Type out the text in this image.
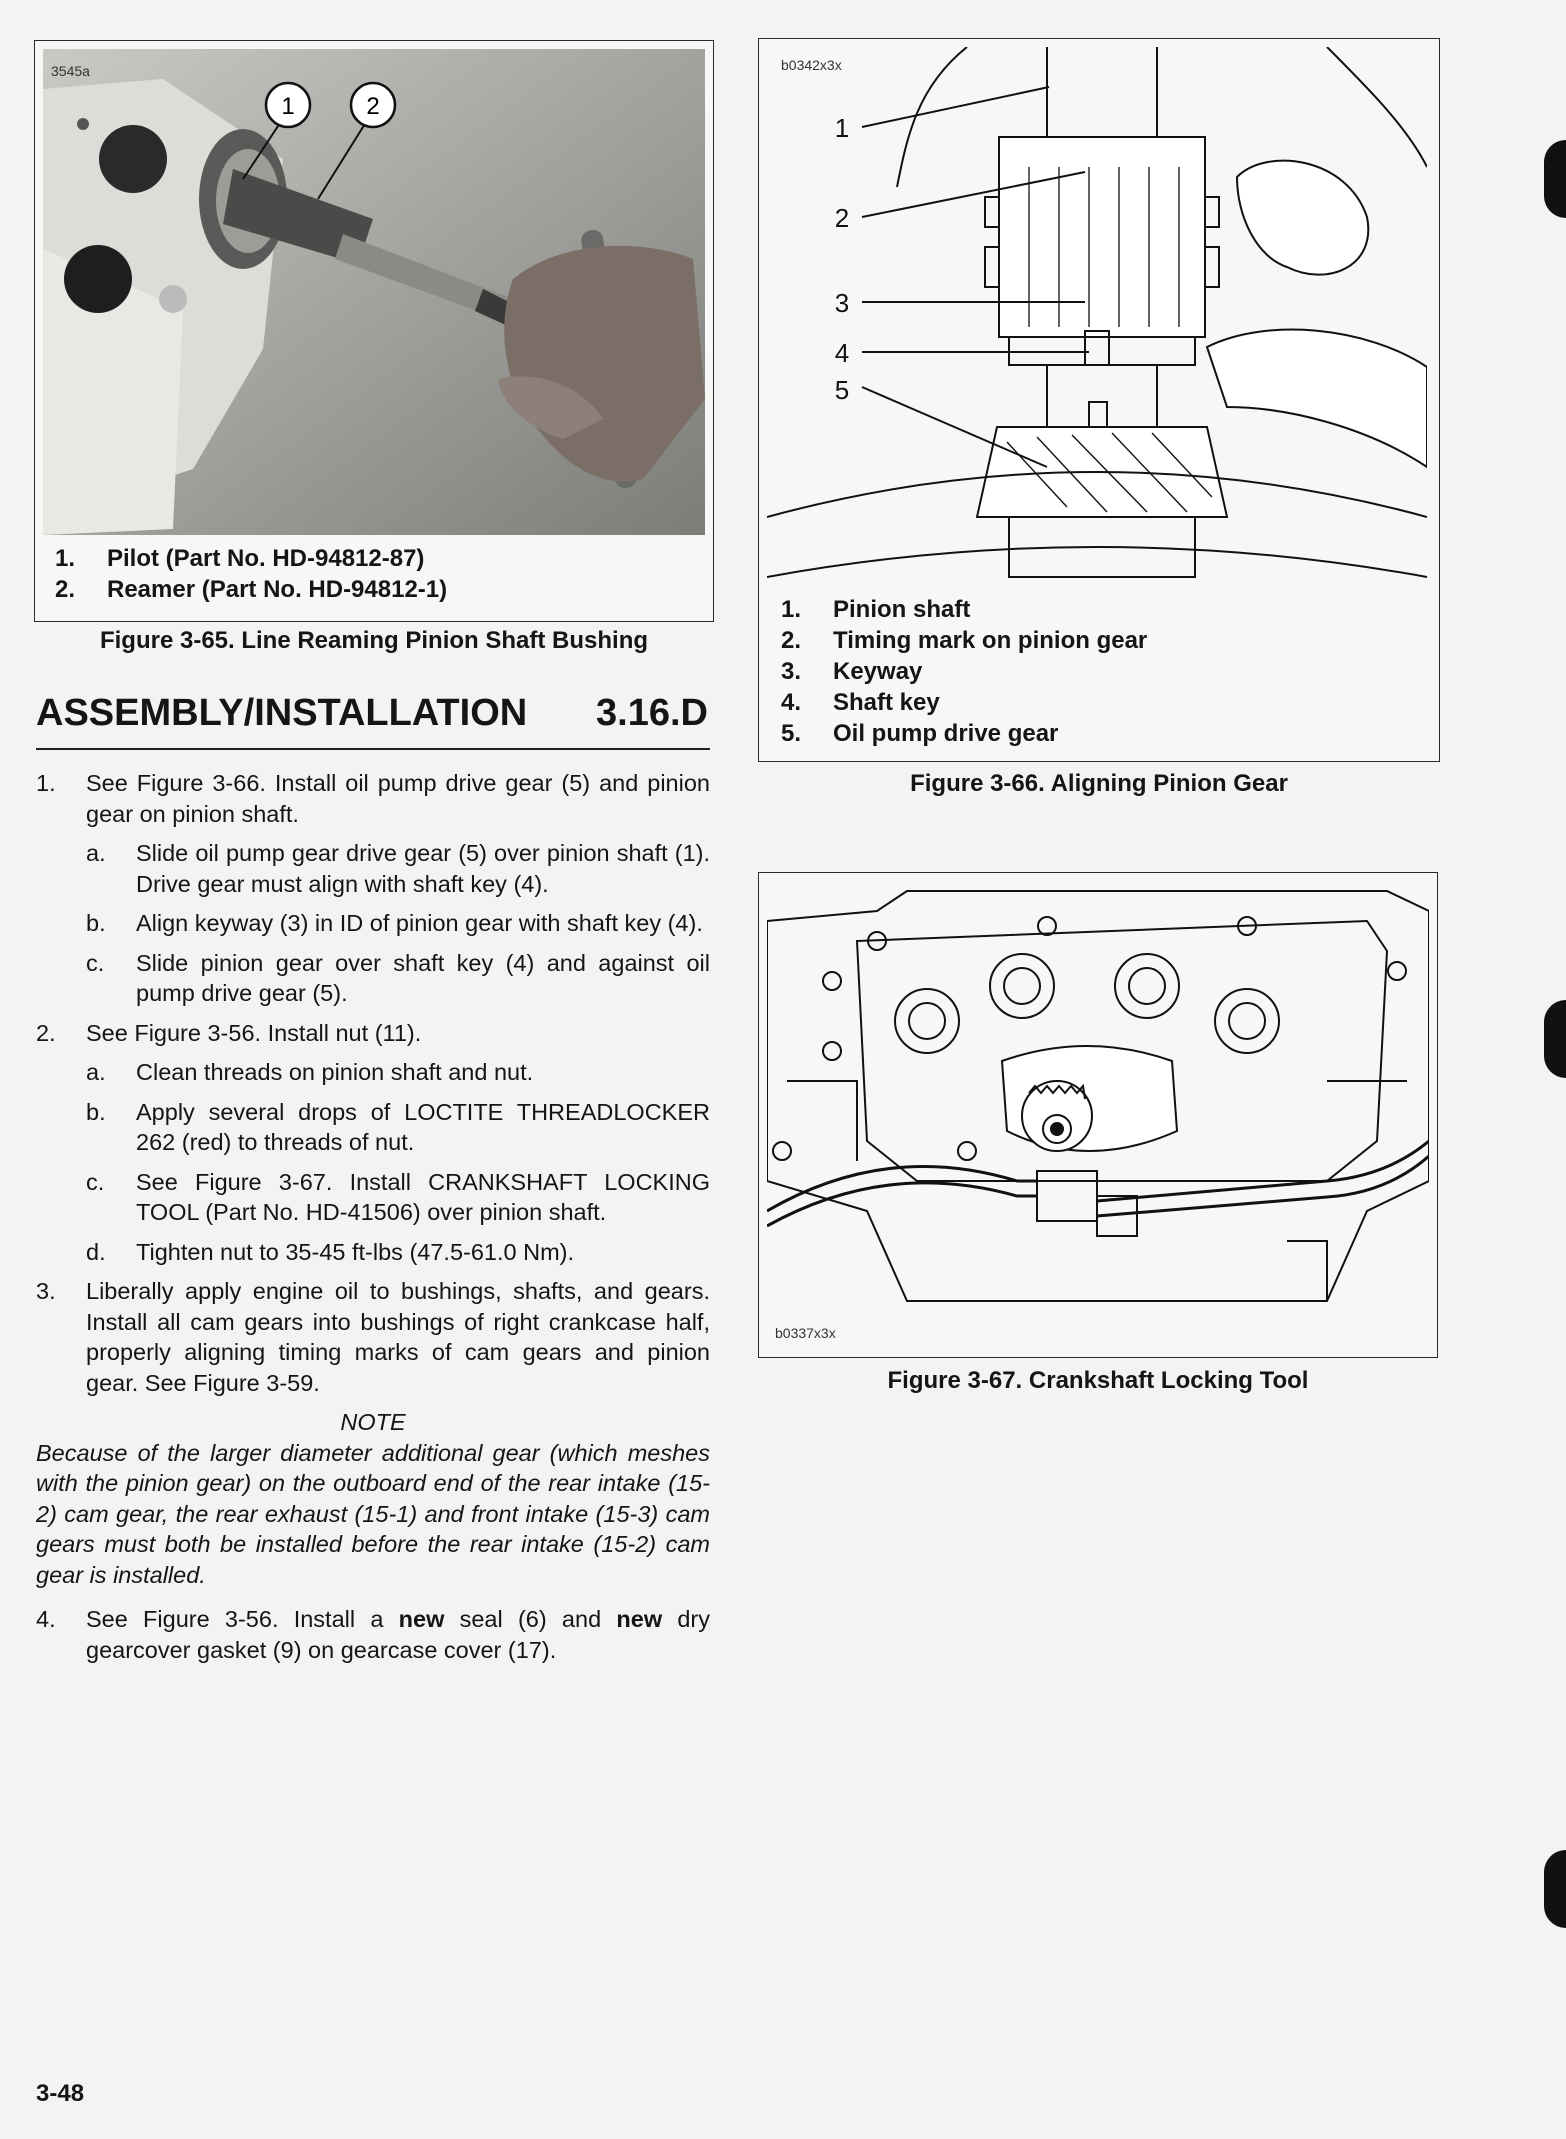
1	2
3545a
1.	Pilot (Part No. HD-94812-87)
2.	Reamer (Part No. HD-94812-1)
Figure 3-65. Line Reaming Pinion Shaft Bushing
1
2
3
4
5
b0342x3x
1.	Pinion shaft
2.	Timing mark on pinion gear
3.	Keyway
4.	Shaft key
5.	Oil pump drive gear
Figure 3-66. Aligning Pinion Gear
b0337x3x
Figure 3-67. Crankshaft Locking Tool
ASSEMBLY/INSTALLATION 3.16.D
1.	See Figure 3-66. Install oil pump drive gear (5) and pinion gear on pinion shaft.
a.	Slide oil pump gear drive gear (5) over pinion shaft (1). Drive gear must align with shaft key (4).
b.	Align keyway (3) in ID of pinion gear with shaft key (4).
c.	Slide pinion gear over shaft key (4) and against oil pump drive gear (5).
2.	See Figure 3-56. Install nut (11).
a.	Clean threads on pinion shaft and nut.
b.	Apply several drops of LOCTITE THREADLOCKER 262 (red) to threads of nut.
c.	See Figure 3-67. Install CRANKSHAFT LOCKING TOOL (Part No. HD-41506) over pinion shaft.
d.	Tighten nut to 35-45 ft-lbs (47.5-61.0 Nm).
3.	Liberally apply engine oil to bushings, shafts, and gears. Install all cam gears into bushings of right crankcase half, properly aligning timing marks of cam gears and pinion gear. See Figure 3-59.
NOTE
Because of the larger diameter additional gear (which meshes with the pinion gear) on the outboard end of the rear intake (15-2) cam gear, the rear exhaust (15-1) and front intake (15-3) cam gears must both be installed before the rear intake (15-2) cam gear is installed.
4.	See Figure 3-56. Install a new seal (6) and new dry gearcover gasket (9) on gearcase cover (17).
3-48
